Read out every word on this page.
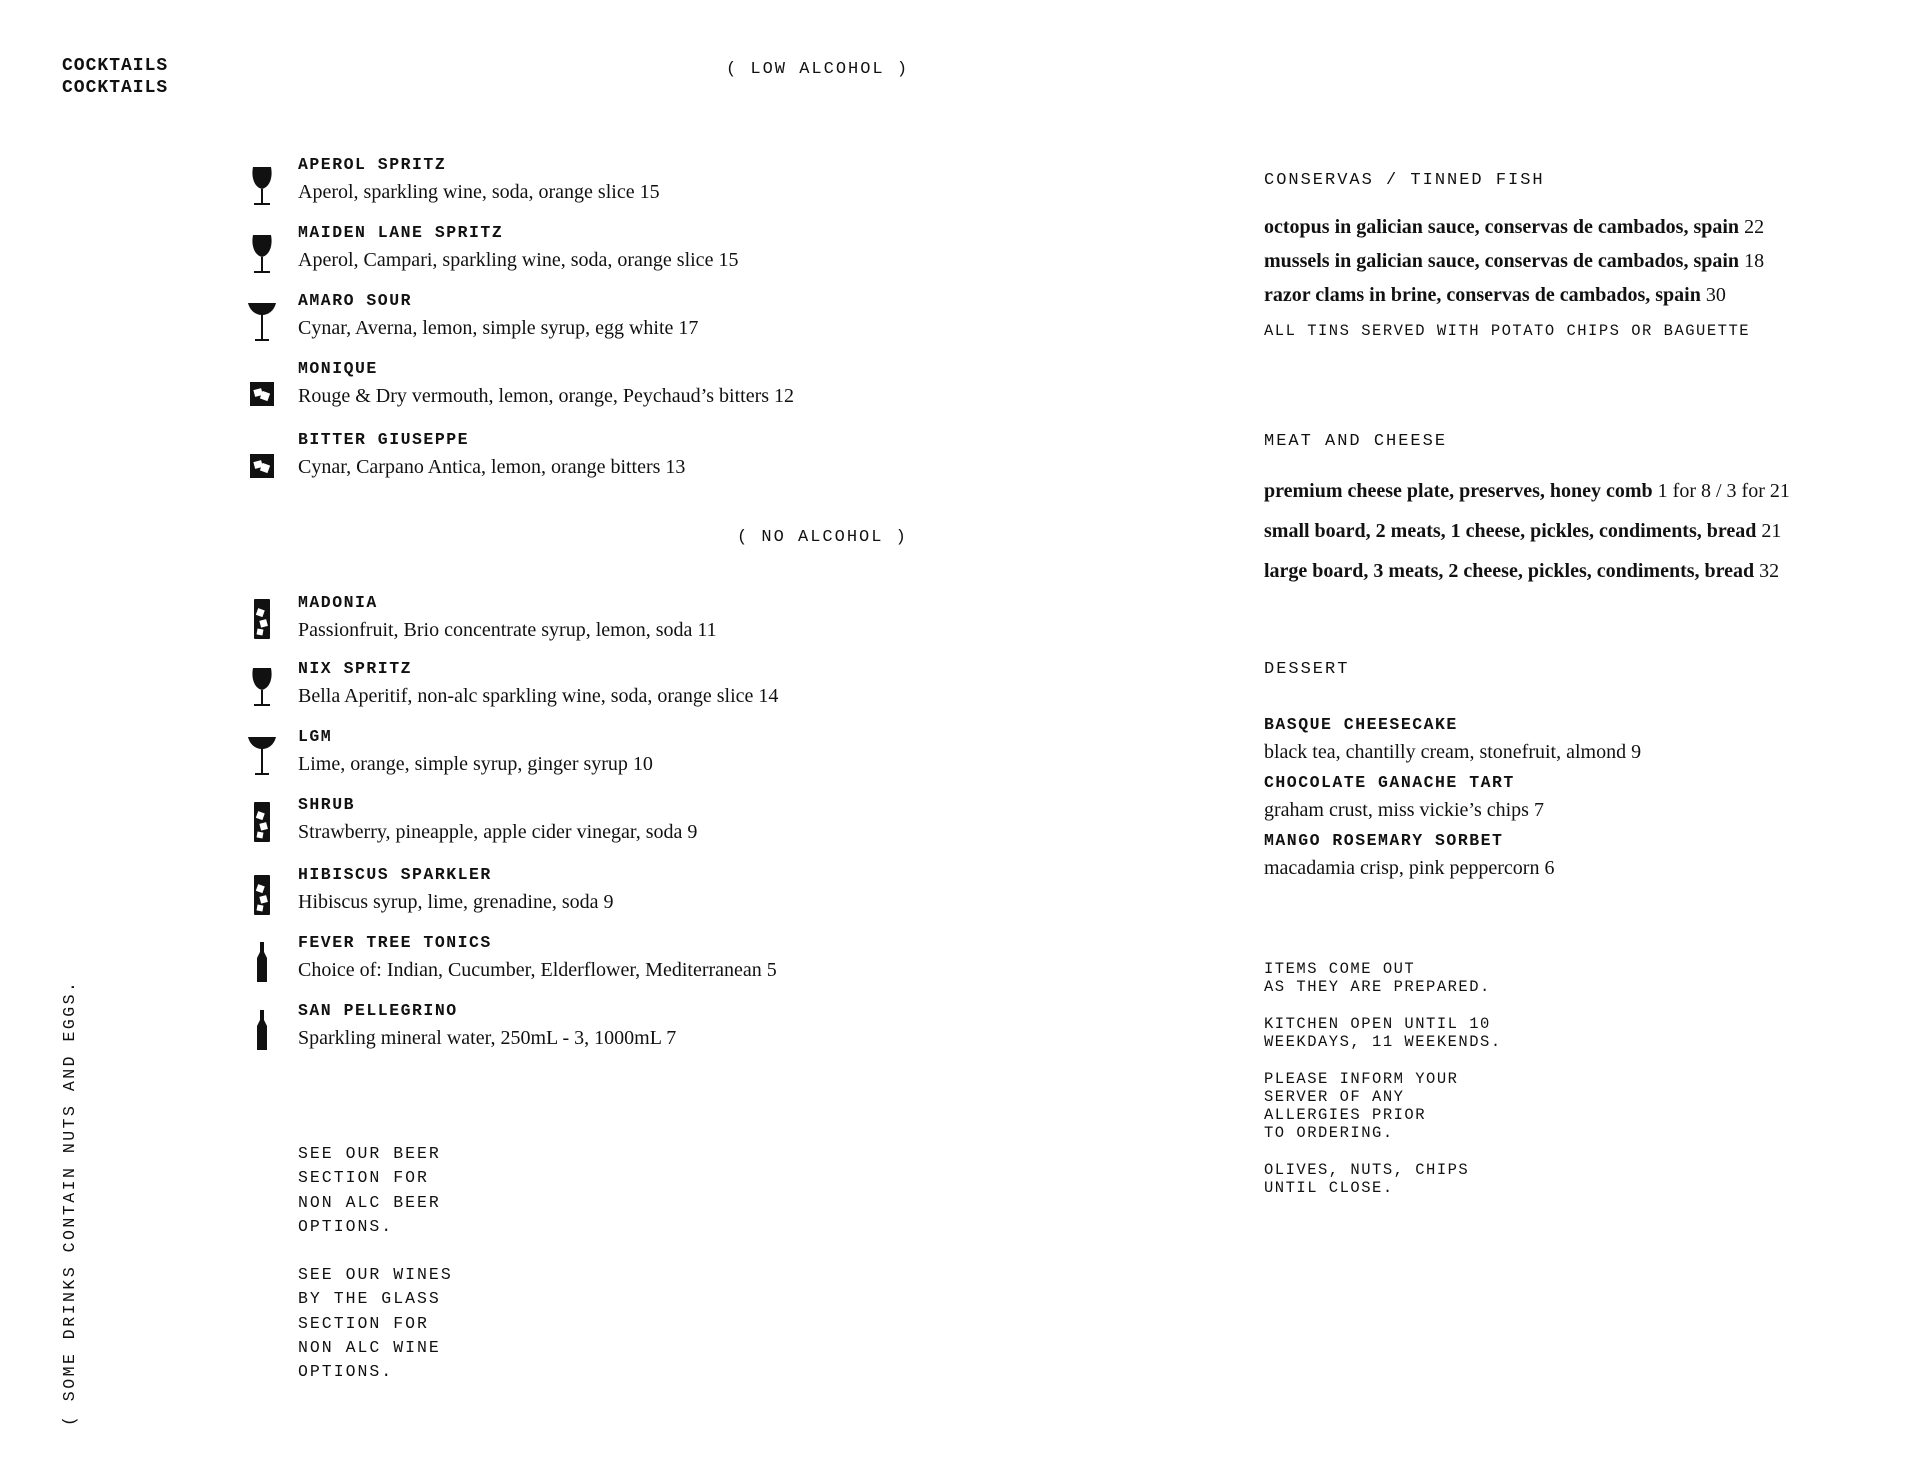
COCKTAILS
COCKTAILS
( LOW ALCOHOL )
APEROL SPRITZ
Aperol, sparkling wine, soda, orange slice 15
MAIDEN LANE SPRITZ
Aperol, Campari, sparkling wine, soda, orange slice 15
AMARO SOUR
Cynar, Averna, lemon, simple syrup, egg white 17
MONIQUE
Rouge & Dry vermouth, lemon, orange, Peychaud’s bitters 12
BITTER GIUSEPPE
Cynar, Carpano Antica, lemon, orange bitters 13
( NO ALCOHOL )
MADONIA
Passionfruit, Brio concentrate syrup, lemon, soda 11
NIX SPRITZ
Bella Aperitif, non-alc sparkling wine, soda, orange slice 14
LGM
Lime, orange, simple syrup, ginger syrup 10
SHRUB
Strawberry, pineapple, apple cider vinegar, soda 9
HIBISCUS SPARKLER
Hibiscus syrup, lime, grenadine, soda 9
FEVER TREE TONICS
Choice of: Indian, Cucumber, Elderflower, Mediterranean 5
SAN PELLEGRINO
Sparkling mineral water, 250mL - 3, 1000mL 7
SEE OUR BEER
SECTION FOR
NON ALC BEER
OPTIONS.
SEE OUR WINES
BY THE GLASS
SECTION FOR
NON ALC WINE
OPTIONS.
( SOME DRINKS CONTAIN NUTS AND EGGS.
CONSERVAS / TINNED FISH
octopus in galician sauce, conservas de cambados, spain 22
mussels in galician sauce, conservas de cambados, spain 18
razor clams in brine, conservas de cambados, spain 30
ALL TINS SERVED WITH POTATO CHIPS OR BAGUETTE
MEAT AND CHEESE
premium cheese plate, preserves, honey comb 1 for 8 / 3 for 21
small board, 2 meats, 1 cheese, pickles, condiments, bread 21
large board, 3 meats, 2 cheese, pickles, condiments, bread 32
DESSERT
BASQUE CHEESECAKE
black tea, chantilly cream, stonefruit, almond 9
CHOCOLATE GANACHE TART
graham crust, miss vickie’s chips 7
MANGO ROSEMARY SORBET
macadamia crisp, pink peppercorn 6
ITEMS COME OUT
AS THEY ARE PREPARED.
KITCHEN OPEN UNTIL 10
WEEKDAYS, 11 WEEKENDS.
PLEASE INFORM YOUR
SERVER OF ANY
ALLERGIES PRIOR
TO ORDERING.
OLIVES, NUTS, CHIPS
UNTIL CLOSE.
